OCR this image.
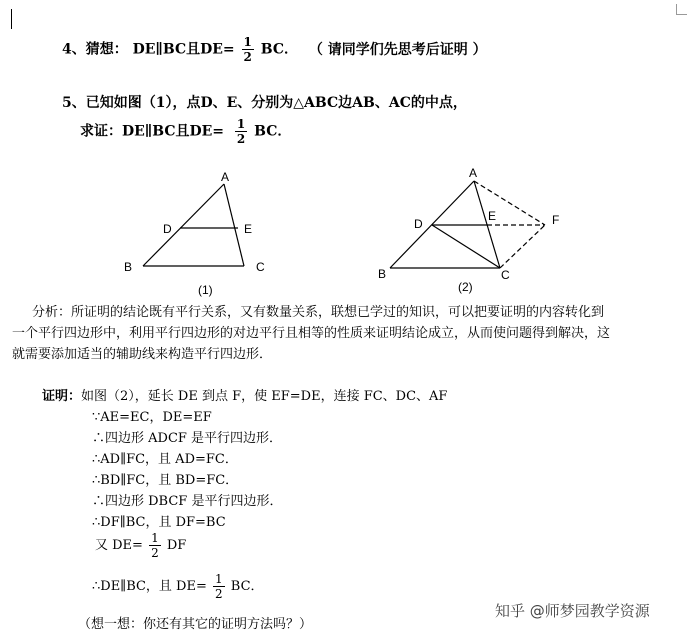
4、猜想： DE∥BC且$DE= \frac{1}{2}$ BC． （ 请同学们先思考后证明 ）
5、已知如图（1），点D、E、分别为△ABC边AB、AC的中点，
求证：DE∥BC且$DE= \frac{1}{2}$ BC．
A
D	E
B	C
(1)
A
D
E	F
B	C
(2)
分析：所证明的结论既有平行关系，又有数量关系，联想已学过的知识，可以把要证明的内容转化到
一个平行四边形中，利用平行四边形的对边平行且相等的性质来证明结论成立，从而使问题得到解决，这
就需要添加适当的辅助线来构造平行四边形．
证明：如图（2），延长 DE 到点 F，使 EF=DE，连接 FC、DC、AF
∵AE=EC，DE=EF
∴四边形 ADCF 是平行四边形．
∴AD∥FC，且 AD=FC．
∴BD∥FC，且 BD=FC．
∴四边形 DBCF 是平行四边形．
∴DF∥BC，且 DF=BC
又 $DE= \frac{1}{2}$ DF
∴DE∥BC，且 $DE= \frac{1}{2}$ BC．
（想一想：你还有其它的证明方法吗？）
知乎 @师梦园教学资源
